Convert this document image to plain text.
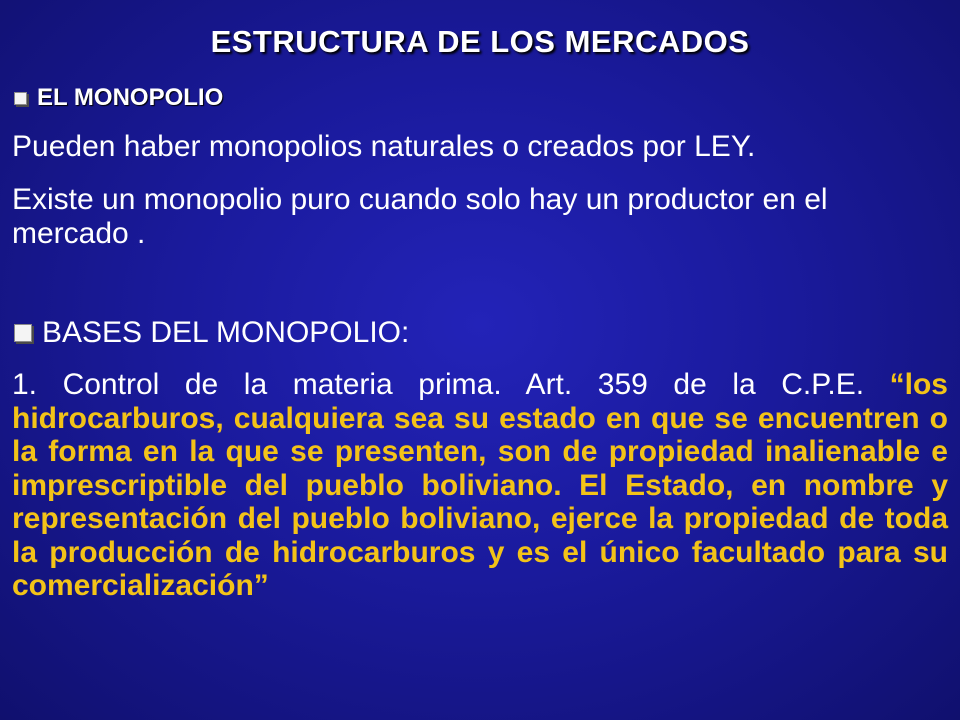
ESTRUCTURA DE LOS MERCADOS
EL MONOPOLIO
Pueden haber monopolios naturales o creados por LEY.
Existe un monopolio puro cuando solo hay un productor en el mercado .
BASES DEL MONOPOLIO:
1. Control de la materia prima. Art. 359 de la C.P.E. “los hidrocarburos, cualquiera sea su estado en que se encuentren o la forma en la que se presenten, son de propiedad inalienable e imprescriptible del pueblo boliviano. El Estado, en nombre y representación del pueblo boliviano, ejerce la propiedad de toda la producción de hidrocarburos y es el único facultado para su comercialización”
